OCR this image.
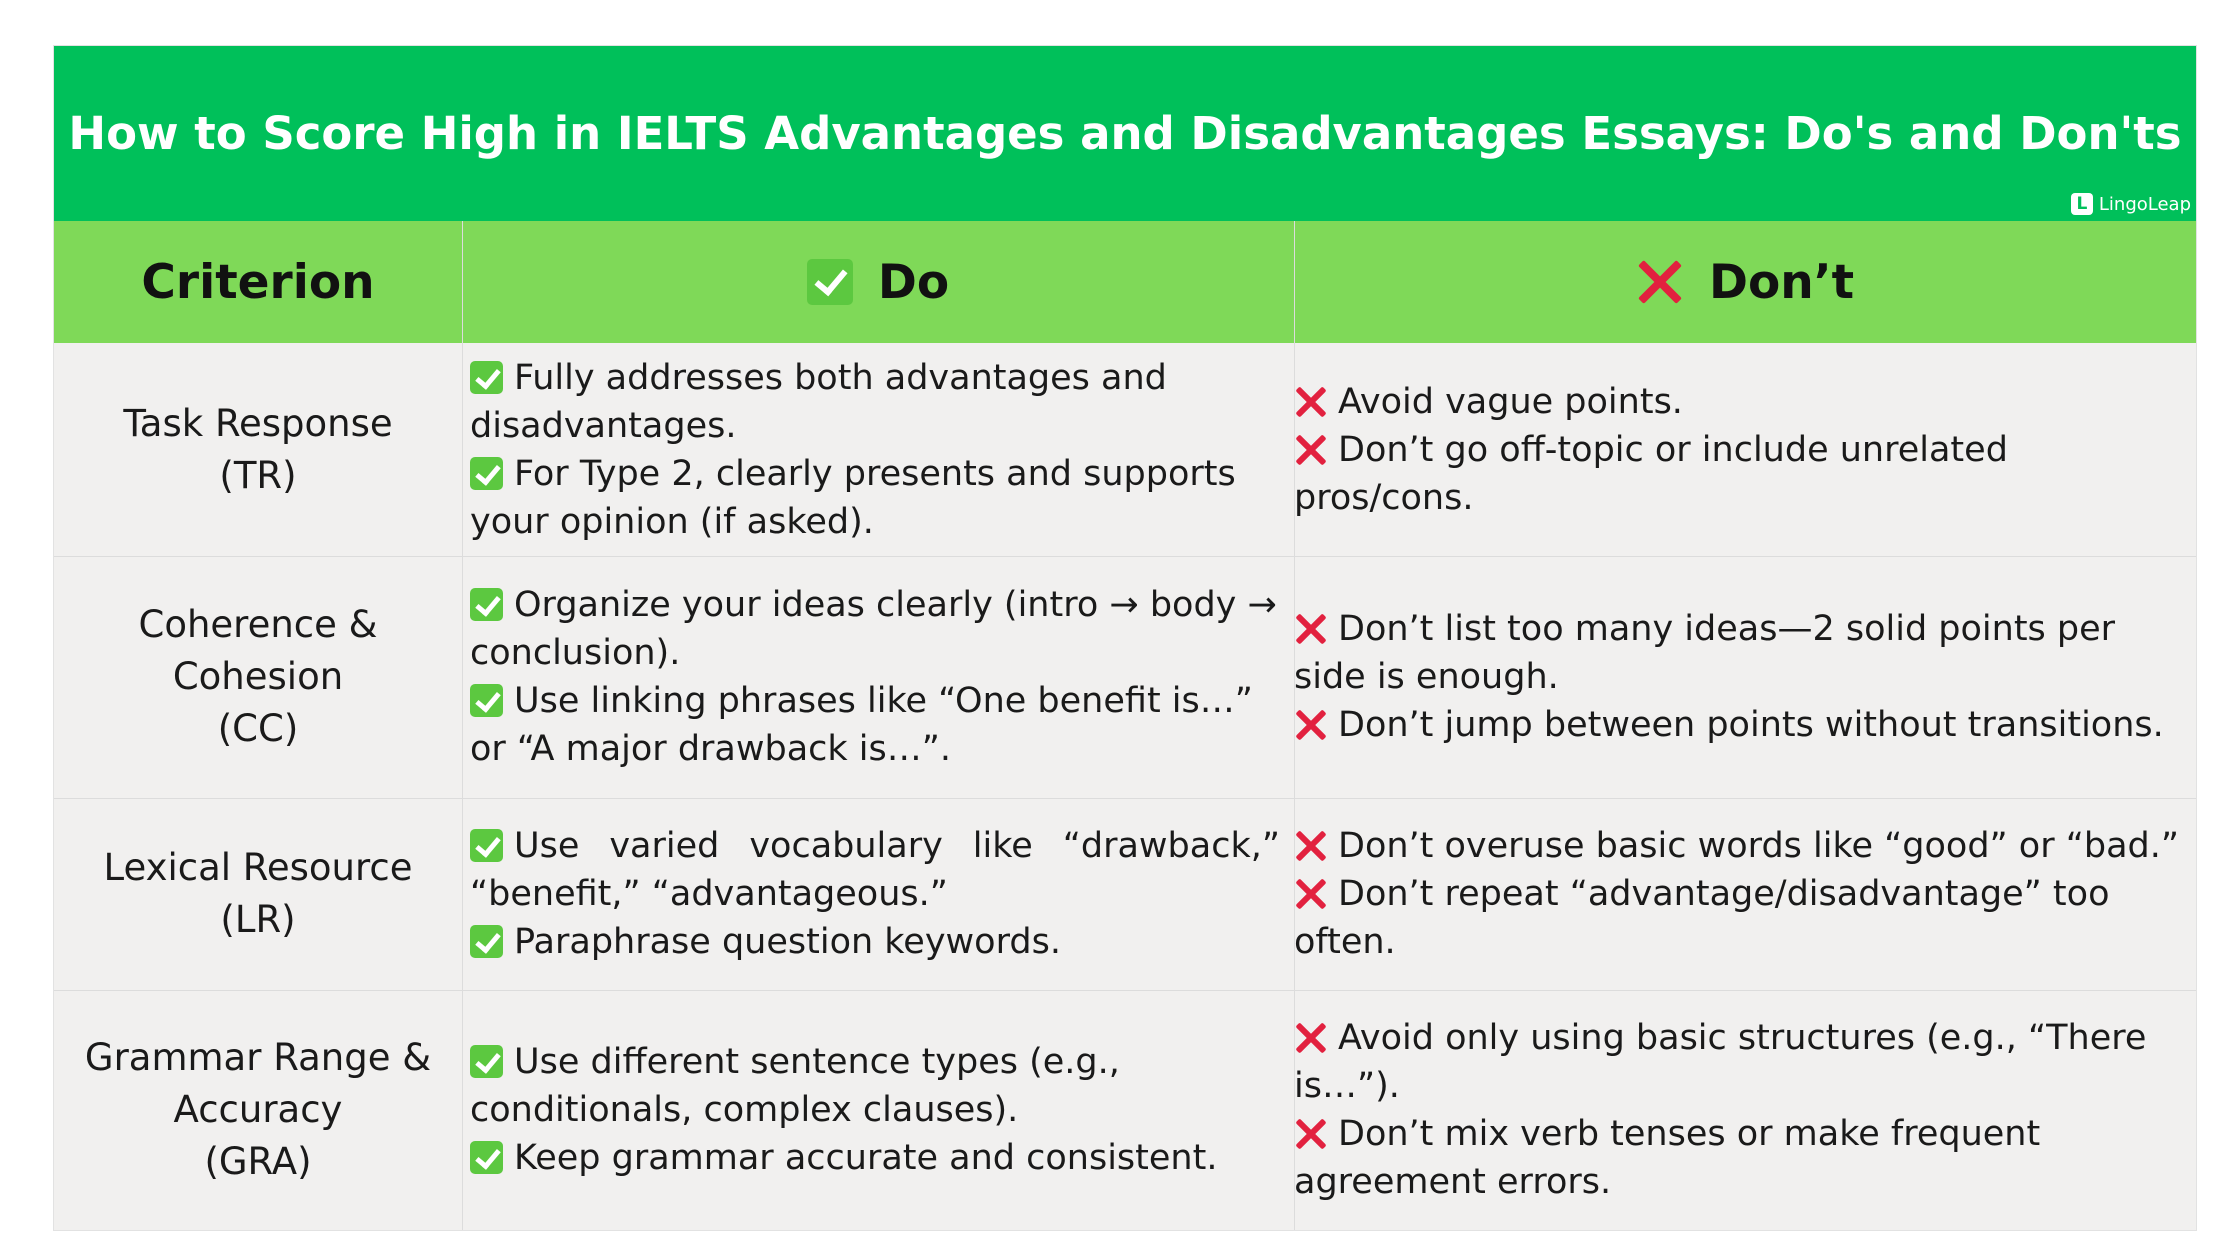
How to Score High in IELTS Advantages and Disadvantages Essays: Do's and Don'ts
L LingoLeap
Criterion	Do	Don’t
Task Response
(TR)

Fully addresses both advantages and disadvantages.

For Type 2, clearly presents and supports your opinion (if asked).

Avoid vague points.

Don’t go off-topic or include unrelated pros/cons.

Coherence &
Cohesion
(CC)

Organize your ideas clearly (intro → body → conclusion).

Use linking phrases like “One benefit is…” or “A major drawback is…”.

Don’t list too many ideas—2 solid points per side is enough.

Don’t jump between points without transitions.

Lexical Resource
(LR)

Use varied vocabulary like “drawback,” “benefit,” “advantageous.”

Paraphrase question keywords.

Don’t overuse basic words like “good” or “bad.”

Don’t repeat “advantage/disadvantage” too often.

Grammar Range &
Accuracy
(GRA)

Use different sentence types (e.g., conditionals, complex clauses).

Keep grammar accurate and consistent.

Avoid only using basic structures (e.g., “There is…”).

Don’t mix verb tenses or make frequent agreement errors.
